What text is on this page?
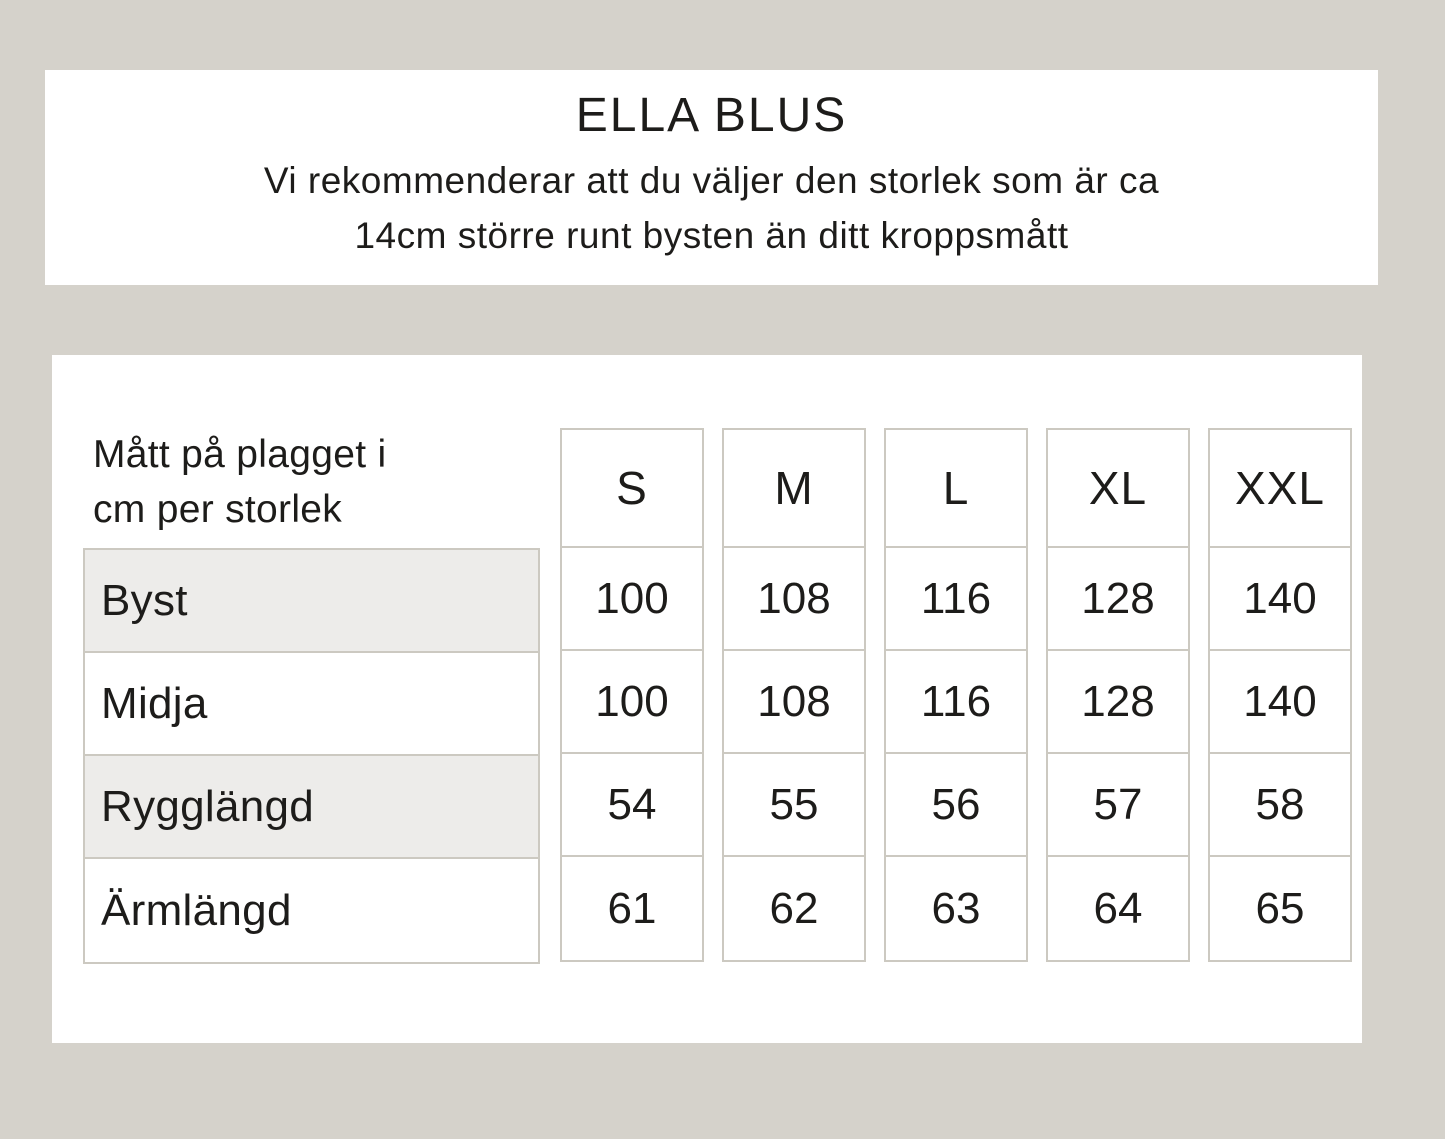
ELLA BLUS
Vi rekommenderar att du väljer den storlek som är ca
14cm större runt bysten än ditt kroppsmått
Mått på plagget i
cm per storlek
Byst
Midja
Rygglängd
Ärmlängd
S
100
100
54
61
M
108
108
55
62
L
116
116
56
63
XL
128
128
57
64
XXL
140
140
58
65
